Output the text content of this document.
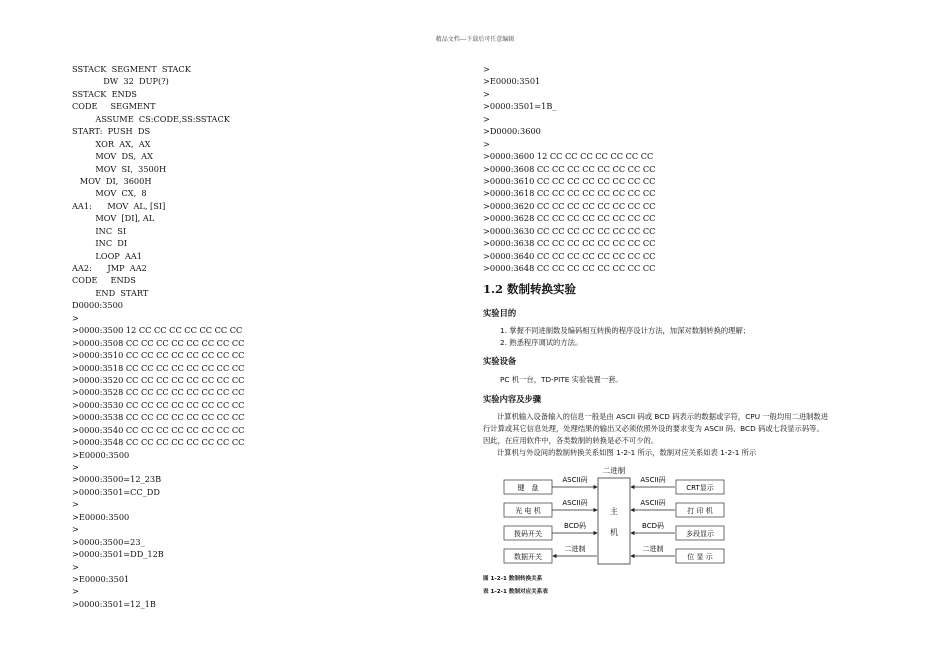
精品文档---下载后可任意编辑
SSTACK  SEGMENT  STACK
DW  32  DUP(?)
SSTACK  ENDS
CODE     SEGMENT
ASSUME  CS:CODE,SS:SSTACK
START:  PUSH  DS
XOR  AX,  AX
MOV  DS,  AX
MOV  SI,  3500H
MOV  DI,  3600H
MOV  CX,  8
AA1:      MOV  AL, [SI]
MOV  [DI], AL
INC  SI
INC  DI
LOOP  AA1
AA2:      JMP  AA2
CODE     ENDS
END  START
D0000:3500
>
>0000:3500 12 CC CC CC CC CC CC CC
>0000:3508 CC CC CC CC CC CC CC CC
>0000:3510 CC CC CC CC CC CC CC CC
>0000:3518 CC CC CC CC CC CC CC CC
>0000:3520 CC CC CC CC CC CC CC CC
>0000:3528 CC CC CC CC CC CC CC CC
>0000:3530 CC CC CC CC CC CC CC CC
>0000:3538 CC CC CC CC CC CC CC CC
>0000:3540 CC CC CC CC CC CC CC CC
>0000:3548 CC CC CC CC CC CC CC CC
>E0000:3500
>
>0000:3500=12_23B
>0000:3501=CC_DD
>
>E0000:3500
>
>0000:3500=23_
>0000:3501=DD_12B
>
>E0000:3501
>
>0000:3501=12_1B
>
>E0000:3501
>
>0000:3501=1B_
>
>D0000:3600
>
>0000:3600 12 CC CC CC CC CC CC CC
>0000:3608 CC CC CC CC CC CC CC CC
>0000:3610 CC CC CC CC CC CC CC CC
>0000:3618 CC CC CC CC CC CC CC CC
>0000:3620 CC CC CC CC CC CC CC CC
>0000:3628 CC CC CC CC CC CC CC CC
>0000:3630 CC CC CC CC CC CC CC CC
>0000:3638 CC CC CC CC CC CC CC CC
>0000:3640 CC CC CC CC CC CC CC CC
>0000:3648 CC CC CC CC CC CC CC CC
1.2 数制转换实验
实验目的
1. 掌握不同进制数及编码相互转换的程序设计方法，加深对数制转换的理解；
2. 熟悉程序调试的方法。
实验设备
PC 机一台，TD-PITE 实验装置一套。
实验内容及步骤
计算机输入设备输入的信息一般是由 ASCII 码或 BCD 码表示的数据或字符，CPU 一般均用二进制数进
行计算或其它信息处理，处理结果的输出又必须依照外设的要求变为 ASCII 码、BCD 码或七段显示码等。
因此，在应用软件中，各类数制的转换是必不可少的。
计算机与外设间的数制转换关系如图 1-2-1 所示，数制对应关系如表 1-2-1 所示
主
机
二进制
键　盘
光 电 机
拨码开关
数据开关
ASCII码
ASCII码
BCD码
二进制
CRT显示
打 印 机
多段显示
位 显 示
ASCII码
ASCII码
BCD码
二进制
图 1-2-1 数制转换关系
表 1-2-1 数制对应关系表
